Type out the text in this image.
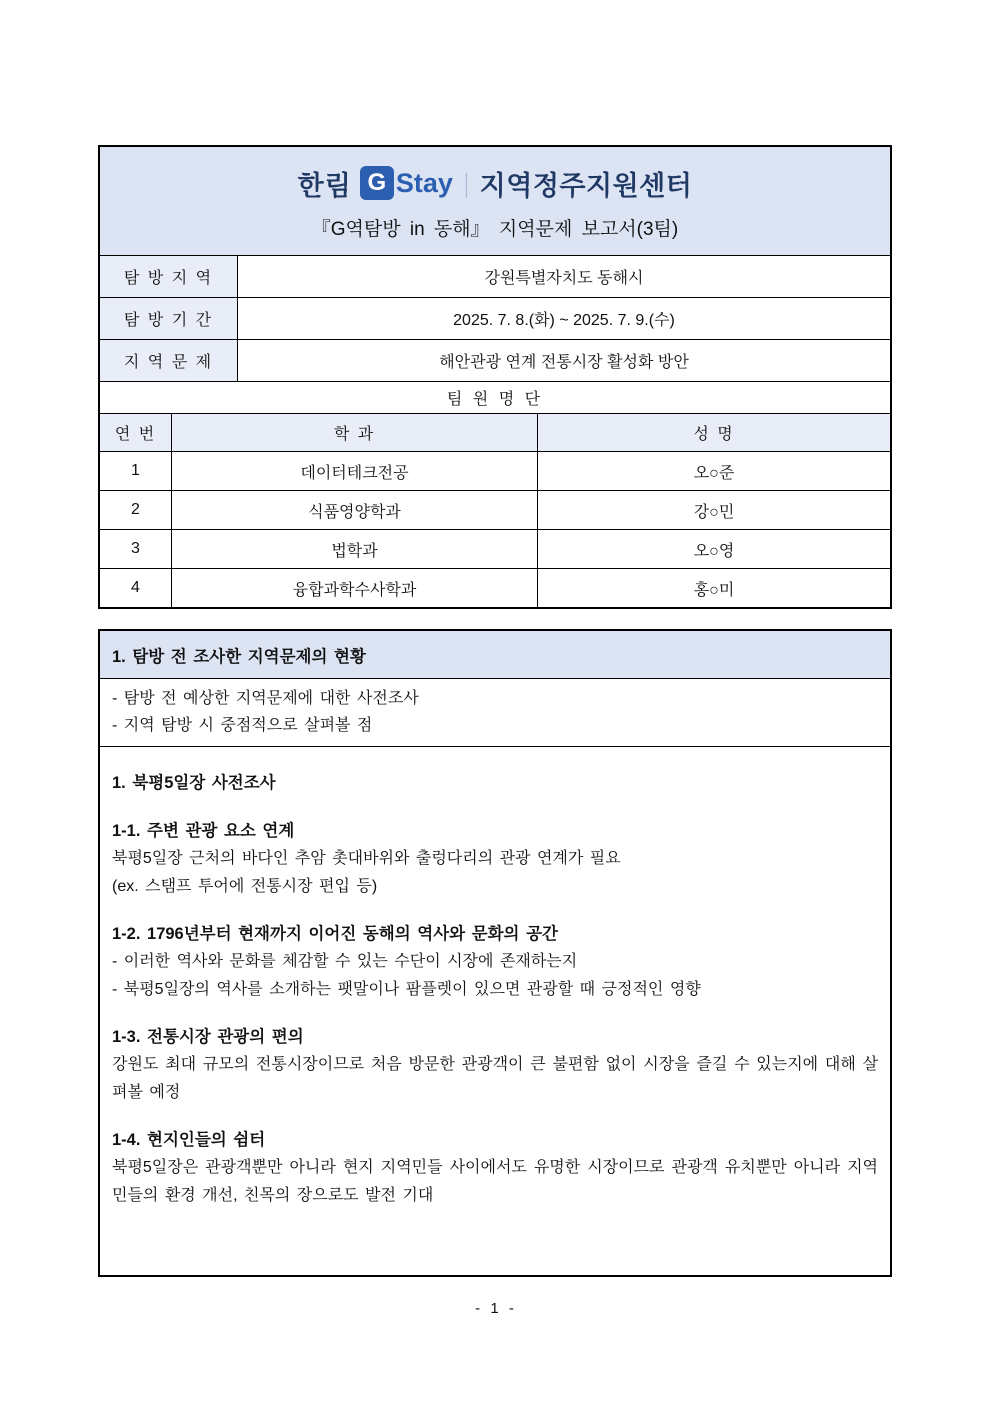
한림 G Stay | 지역정주지원센터
『G역탐방 in 동해』 지역문제 보고서(3팀)
탐 방 지 역	강원특별자치도 동해시
탐 방 기 간	2025. 7. 8.(화) ~ 2025. 7. 9.(수)
지 역 문 제	해안관광 연계 전통시장 활성화 방안
팀 원 명 단
연 번	학 과	성 명
1	데이터테크전공	오○준
2	식품영양학과	강○민
3	법학과	오○영
4	융합과학수사학과	홍○미
1. 탐방 전 조사한 지역문제의 현황
- 탐방 전 예상한 지역문제에 대한 사전조사
- 지역 탐방 시 중점적으로 살펴볼 점
1. 북평5일장 사전조사
1-1. 주변 관광 요소 연계
북평5일장 근처의 바다인 추암 촛대바위와 출렁다리의 관광 연계가 필요
(ex. 스탬프 투어에 전통시장 편입 등)
1-2. 1796년부터 현재까지 이어진 동해의 역사와 문화의 공간
- 이러한 역사와 문화를 체감할 수 있는 수단이 시장에 존재하는지
- 북평5일장의 역사를 소개하는 팻말이나 팜플렛이 있으면 관광할 때 긍정적인 영향
1-3. 전통시장 관광의 편의
강원도 최대 규모의 전통시장이므로 처음 방문한 관광객이 큰 불편함 없이 시장을 즐길 수 있는지에 대해 살펴볼 예정
1-4. 현지인들의 쉼터
북평5일장은 관광객뿐만 아니라 현지 지역민들 사이에서도 유명한 시장이므로 관광객 유치뿐만 아니라 지역민들의 환경 개선, 친목의 장으로도 발전 기대
- 1 -
